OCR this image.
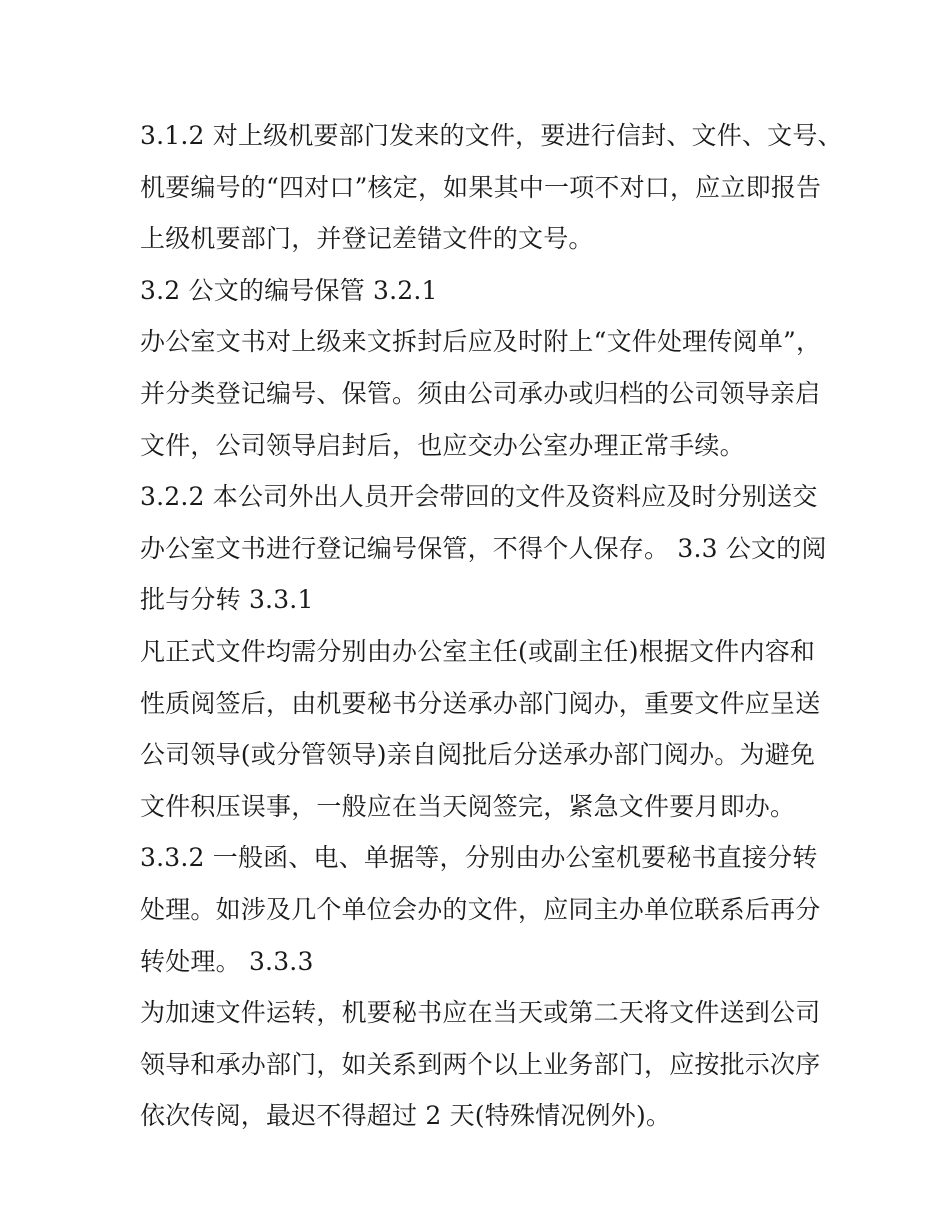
3.1.2 对上级机要部门发来的文件，要进行信封、文件、文号、
机要编号的“四对口”核定，如果其中一项不对口，应立即报告
上级机要部门，并登记差错文件的文号。
3.2 公文的编号保管 3.2.1
办公室文书对上级来文拆封后应及时附上“文件处理传阅单”，
并分类登记编号、保管。须由公司承办或归档的公司领导亲启
文件，公司领导启封后，也应交办公室办理正常手续。
3.2.2 本公司外出人员开会带回的文件及资料应及时分别送交
办公室文书进行登记编号保管，不得个人保存。 3.3 公文的阅
批与分转 3.3.1
凡正式文件均需分别由办公室主任(或副主任)根据文件内容和
性质阅签后，由机要秘书分送承办部门阅办，重要文件应呈送
公司领导(或分管领导)亲自阅批后分送承办部门阅办。为避免
文件积压误事，一般应在当天阅签完，紧急文件要月即办。
3.3.2 一般函、电、单据等，分别由办公室机要秘书直接分转
处理。如涉及几个单位会办的文件，应同主办单位联系后再分
转处理。 3.3.3
为加速文件运转，机要秘书应在当天或第二天将文件送到公司
领导和承办部门，如关系到两个以上业务部门，应按批示次序
依次传阅，最迟不得超过 2 天(特殊情况例外)。
